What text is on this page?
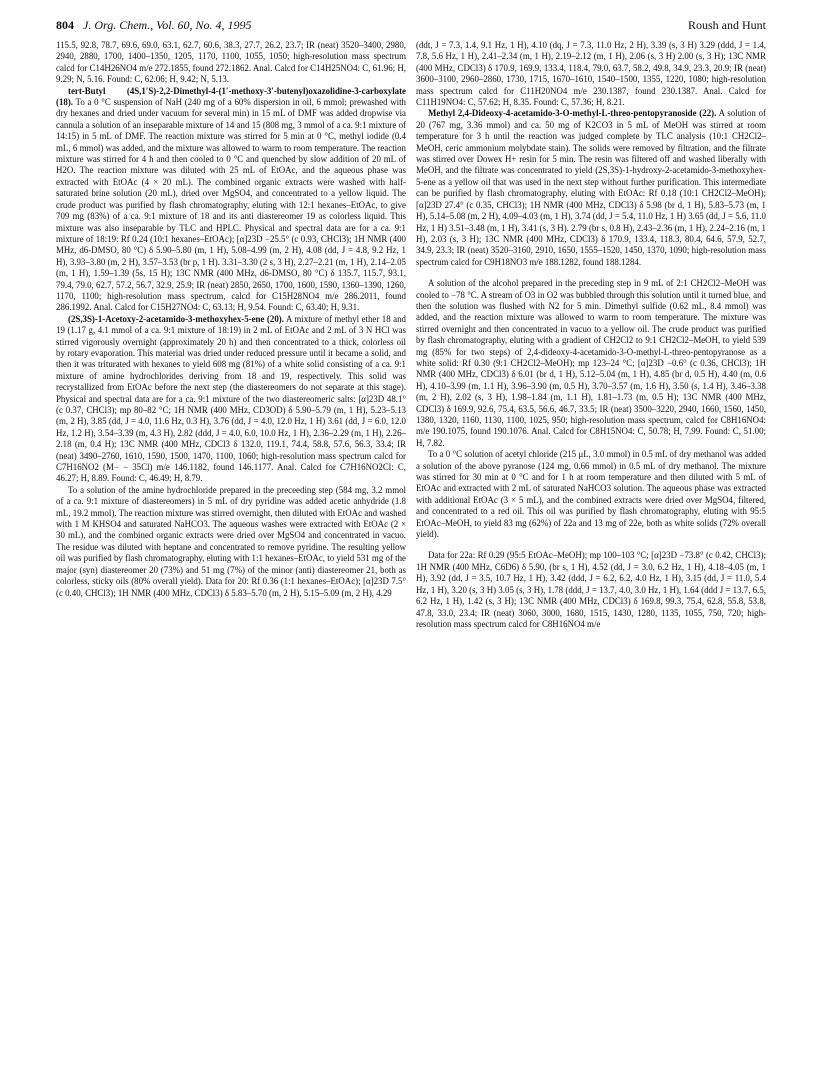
804 J. Org. Chem., Vol. 60, No. 4, 1995	Roush and Hunt

115.5, 92.8, 78.7, 69.6, 69.0, 63.1, 62.7, 60.6, 38.3, 27.7, 26.2, 23.7; IR (neat) 3520–3400, 2980, 2940, 2880, 1700, 1400–1350, 1205, 1170, 1100, 1055, 1050; high-resolution mass spectrum calcd for C14H26NO4 m/e 272.1855, found 272.1862. Anal. Calcd for C14H25NO4: C, 61.96; H, 9.29; N, 5.16. Found: C, 62.06; H, 9.42; N, 5.13.

tert-Butyl (4S,1′S)-2,2-Dimethyl-4-(1′-methoxy-3′-butenyl)oxazolidine-3-carboxylate (18). To a 0 °C suspension of NaH (240 mg of a 60% dispersion in oil, 6 mmol; prewashed with dry hexanes and dried under vacuum for several min) in 15 mL of DMF was added dropwise via cannula a solution of an inseparable mixture of 14 and 15 (808 mg, 3 mmol of a ca. 9:1 mixture of 14:15) in 5 mL of DMF. The reaction mixture was stirred for 5 min at 0 °C, methyl iodide (0.4 mL, 6 mmol) was added, and the mixture was allowed to warm to room temperature. The reaction mixture was stirred for 4 h and then cooled to 0 °C and quenched by slow addition of 20 mL of H2O. The reaction mixture was diluted with 25 mL of EtOAc, and the aqueous phase was extracted with EtOAc (4 × 20 mL). The combined organic extracts were washed with half-saturated brine solution (20 mL), dried over MgSO4, and concentrated to a yellow liquid. The crude product was purified by flash chromatography, eluting with 12:1 hexanes–EtOAc, to give 709 mg (83%) of a ca. 9:1 mixture of 18 and its anti diastereomer 19 as colorless liquid. This mixture was also inseparable by TLC and HPLC. Physical and spectral data are for a ca. 9:1 mixture of 18:19: Rf 0.24 (10:1 hexanes–EtOAc); [α]23D −25.5° (c 0.93, CHCl3); 1H NMR (400 MHz, d6-DMSO, 80 °C) δ 5.90–5.80 (m, 1 H), 5.08–4.99 (m, 2 H), 4.08 (dd, J = 4.8, 9.2 Hz, 1 H), 3.93–3.80 (m, 2 H), 3.57–3.53 (br p, 1 H). 3.31–3.30 (2 s, 3 H), 2.27–2.21 (m, 1 H), 2.14–2.05 (m, 1 H), 1.59–1.39 (5s, 15 H); 13C NMR (400 MHz, d6-DMSO, 80 °C) δ 135.7, 115.7, 93.1, 79.4, 79.0, 62.7, 57.2, 56.7, 32.9, 25.9; IR (neat) 2850, 2650, 1700, 1600, 1590, 1360–1390, 1260, 1170, 1100; high-resolution mass spectrum, calcd for C15H28NO4 m/e 286.2011, found 286.1992. Anal. Calcd for C15H27NO4: C, 63.13; H, 9.54. Found: C, 63.40; H, 9.31.

(2S,3S)-1-Acetoxy-2-acetamido-3-methoxyhex-5-ene (20). A mixture of methyl ether 18 and 19 (1.17 g, 4.1 mmol of a ca. 9:1 mixture of 18:19) in 2 mL of EtOAc and 2 mL of 3 N HCl was stirred vigorously overnight (approximately 20 h) and then concentrated to a thick, colorless oil by rotary evaporation. This material was dried under reduced pressure until it became a solid, and then it was triturated with hexanes to yield 608 mg (81%) of a white solid consisting of a ca. 9:1 mixture of amine hydrochlorides deriving from 18 and 19, respectively. This solid was recrystallized from EtOAc before the next step (the diastereomers do not separate at this stage). Physical and spectral data are for a ca. 9:1 mixture of the two diastereomeric salts: [α]23D 48.1° (c 0.37, CHCl3); mp 80–82 °C; 1H NMR (400 MHz, CD3OD) δ 5.90–5.79 (m, 1 H), 5.23–5.13 (m, 2 H), 3.85 (dd, J = 4.0, 11.6 Hz, 0.3 H), 3.76 (dd, J = 4.0, 12.0 Hz, 1 H) 3.61 (dd, J = 6.0, 12.0 Hz, 1.2 H), 3.54–3.39 (m, 4.3 H), 2.82 (ddd, J = 4.0, 6.0, 10.0 Hz, 1 H), 2.36–2.29 (m, 1 H), 2.26–2.18 (m, 0.4 H); 13C NMR (400 MHz, CDCl3 δ 132.0, 119.1, 74.4, 58.8, 57.6, 56.3, 33.4; IR (neat) 3490–2760, 1610, 1590, 1500, 1470, 1100, 1060; high-resolution mass spectrum calcd for C7H16NO2 (M− − 35Cl) m/e 146.1182, found 146.1177. Anal. Calcd for C7H16NO2Cl: C, 46.27; H, 8.89. Found: C, 46.49; H, 8.79.

To a solution of the amine hydrochloride prepared in the preceeding step (584 mg, 3.2 mmol of a ca. 9:1 mixture of diastereomers) in 5 mL of dry pyridine was added acetic anhydride (1.8 mL, 19.2 mmol). The reaction mixture was stirred overnight, then diluted with EtOAc and washed with 1 M KHSO4 and saturated NaHCO3. The aqueous washes were extracted with EtOAc (2 × 30 mL), and the combined organic extracts were dried over MgSO4 and concentrated in vacuo. The residue was diluted with heptane and concentrated to remove pyridine. The resulting yellow oil was purified by flash chromatography, eluting with 1:1 hexanes–EtOAc, to yield 531 mg of the major (syn) diastereomer 20 (73%) and 51 mg (7%) of the minor (anti) diastereomer 21, both as colorless, sticky oils (80% overall yield). Data for 20: Rf 0.36 (1:1 hexanes–EtOAc); [α]23D 7.5° (c 0.40, CHCl3); 1H NMR (400 MHz, CDCl3) δ 5.83–5.70 (m, 2 H), 5.15–5.09 (m, 2 H), 4.29

(ddt, J = 7.3, 1.4, 9.1 Hz, 1 H), 4.10 (dq, J = 7.3, 11.0 Hz, 2 H), 3.39 (s, 3 H) 3.29 (ddd, J = 1.4, 7.8, 5.6 Hz, 1 H), 2.41–2.34 (m, 1 H), 2.19–2.12 (m, 1 H), 2.06 (s, 3 H) 2.00 (s, 3 H); 13C NMR (400 MHz, CDCl3) δ 170.9, 169.9, 133.4, 118.4, 79.0, 63.7, 58.2, 49.8, 34.9, 23.3, 20.9; IR (neat) 3600–3100, 2960–2860, 1730, 1715, 1670–1610, 1540–1500, 1355, 1220, 1080; high-resolution mass spectrum calcd for C11H20NO4 m/e 230.1387, found 230.1387. Anal. Calcd for C11H19NO4: C, 57.62; H, 8.35. Found: C, 57.36; H, 8.21.

Methyl 2,4-Dideoxy-4-acetamido-3-O-methyl-L-threo-pentopyranoside (22). A solution of 20 (767 mg, 3.36 mmol) and ca. 50 mg of K2CO3 in 5 mL of MeOH was stirred at room temperature for 3 h until the reaction was judged complete by TLC analysis (10:1 CH2Cl2–MeOH, ceric ammonium molybdate stain). The solids were removed by filtration, and the filtrate was stirred over Dowex H+ resin for 5 min. The resin was filtered off and washed liberally with MeOH, and the filtrate was concentrated to yield (2S,3S)-1-hydroxy-2-acetamido-3-methoxyhex-5-ene as a yellow oil that was used in the next step without further purification. This intermediate can be purified by flash chromatography, eluting with EtOAc: Rf 0.18 (10:1 CH2Cl2–MeOH); [α]23D 27.4° (c 0.35, CHCl3); 1H NMR (400 MHz, CDCl3) δ 5.98 (br d, 1 H), 5.83–5.73 (m, 1 H), 5.14–5.08 (m, 2 H), 4.09–4.03 (m, 1 H), 3.74 (dd, J = 5.4, 11.0 Hz, 1 H) 3.65 (dd, J = 5.6, 11.0 Hz, 1 H) 3.51–3.48 (m, 1 H), 3.41 (s, 3 H). 2.79 (br s, 0.8 H), 2.43–2.36 (m, 1 H), 2.24–2.16 (m, 1 H), 2.03 (s, 3 H); 13C NMR (400 MHz, CDCl3) δ 170.9, 133.4, 118.3, 80.4, 64.6, 57.9, 52.7, 34.9, 23.3; IR (neat) 3520–3160, 2910, 1650, 1555–1520, 1450, 1370, 1090; high-resolution mass spectrum calcd for C9H18NO3 m/e 188.1282, found 188.1284.

A solution of the alcohol prepared in the preceding step in 9 mL of 2:1 CH2Cl2–MeOH was cooled to −78 °C. A stream of O3 in O2 was bubbled through this solution until it turned blue, and then the solution was flushed with N2 for 5 min. Dimethyl sulfide (0.62 mL, 8.4 mmol) was added, and the reaction mixture was allowed to warm to room temperature. The mixture was stirred overnight and then concentrated in vacuo to a yellow oil. The crude product was purified by flash chromatography, eluting with a gradient of CH2Cl2 to 9:1 CH2Cl2–MeOH, to yield 539 mg (85% for two steps) of 2,4-dideoxy-4-acetamido-3-O-methyl-L-threo-pentopyranose as a white solid: Rf 0.30 (9:1 CH2Cl2–MeOH); mp 123–24 °C; [α]23D −0.6° (c 0.36, CHCl3); 1H NMR (400 MHz, CDCl3) δ 6.01 (br d, 1 H), 5.12–5.04 (m, 1 H), 4.85 (br d, 0.5 H), 4.40 (m, 0.6 H), 4.10–3.99 (m, 1.1 H), 3.96–3.90 (m, 0.5 H), 3.70–3.57 (m, 1.6 H), 3.50 (s, 1.4 H), 3.46–3.38 (m, 2 H), 2.02 (s, 3 H), 1.98–1.84 (m, 1.1 H), 1.81–1.73 (m, 0.5 H); 13C NMR (400 MHz, CDCl3) δ 169.9, 92.6, 75.4, 63.5, 56.6, 46.7, 33.5; IR (neat) 3500–3220, 2940, 1660, 1560, 1450, 1380, 1320, 1160, 1130, 1100, 1025, 950; high-resolution mass spectrum, calcd for C8H16NO4: m/e 190.1075, found 190.1076. Anal. Calcd for C8H15NO4: C, 50.78; H, 7.99. Found: C, 51.00; H, 7.82.

To a 0 °C solution of acetyl chloride (215 μL, 3.0 mmol) in 0.5 mL of dry methanol was added a solution of the above pyranose (124 mg, 0.66 mmol) in 0.5 mL of dry methanol. The mixture was stirred for 30 min at 0 °C and for 1 h at room temperature and then diluted with 5 mL of EtOAc and extracted with 2 mL of saturated NaHCO3 solution. The aqueous phase was extracted with additional EtOAc (3 × 5 mL), and the combined extracts were dried over MgSO4, filtered, and concentrated to a red oil. This oil was purified by flash chromatography, eluting with 95:5 EtOAc–MeOH, to yield 83 mg (62%) of 22a and 13 mg of 22e, both as white solids (72% overall yield).

Data for 22a: Rf 0.29 (95:5 EtOAc–MeOH); mp 100–103 °C; [α]23D −73.8° (c 0.42, CHCl3); 1H NMR (400 MHz, C6D6) δ 5.90, (br s, 1 H), 4.52 (dd, J = 3.0, 6.2 Hz, 1 H), 4.18–4.05 (m, 1 H), 3.92 (dd, J = 3.5, 10.7 Hz, 1 H), 3.42 (ddd, J = 6.2, 6.2, 4.0 Hz, 1 H), 3.15 (dd, J = 11.0, 5.4 Hz, 1 H), 3.20 (s, 3 H) 3.05 (s, 3 H), 1.78 (ddd, J = 13.7, 4.0, 3.0 Hz, 1 H), 1.64 (ddd J = 13.7, 6.5, 6.2 Hz, 1 H), 1.42 (s, 3 H); 13C NMR (400 MHz, CDCl3) δ 169.8, 99.3, 75.4, 62.8, 55.8, 53.8, 47.8, 33.0, 23.4; IR (neat) 3060, 3000, 1680, 1515, 1430, 1280, 1135, 1055, 750, 720; high-resolution mass spectrum calcd for C8H16NO4 m/e
